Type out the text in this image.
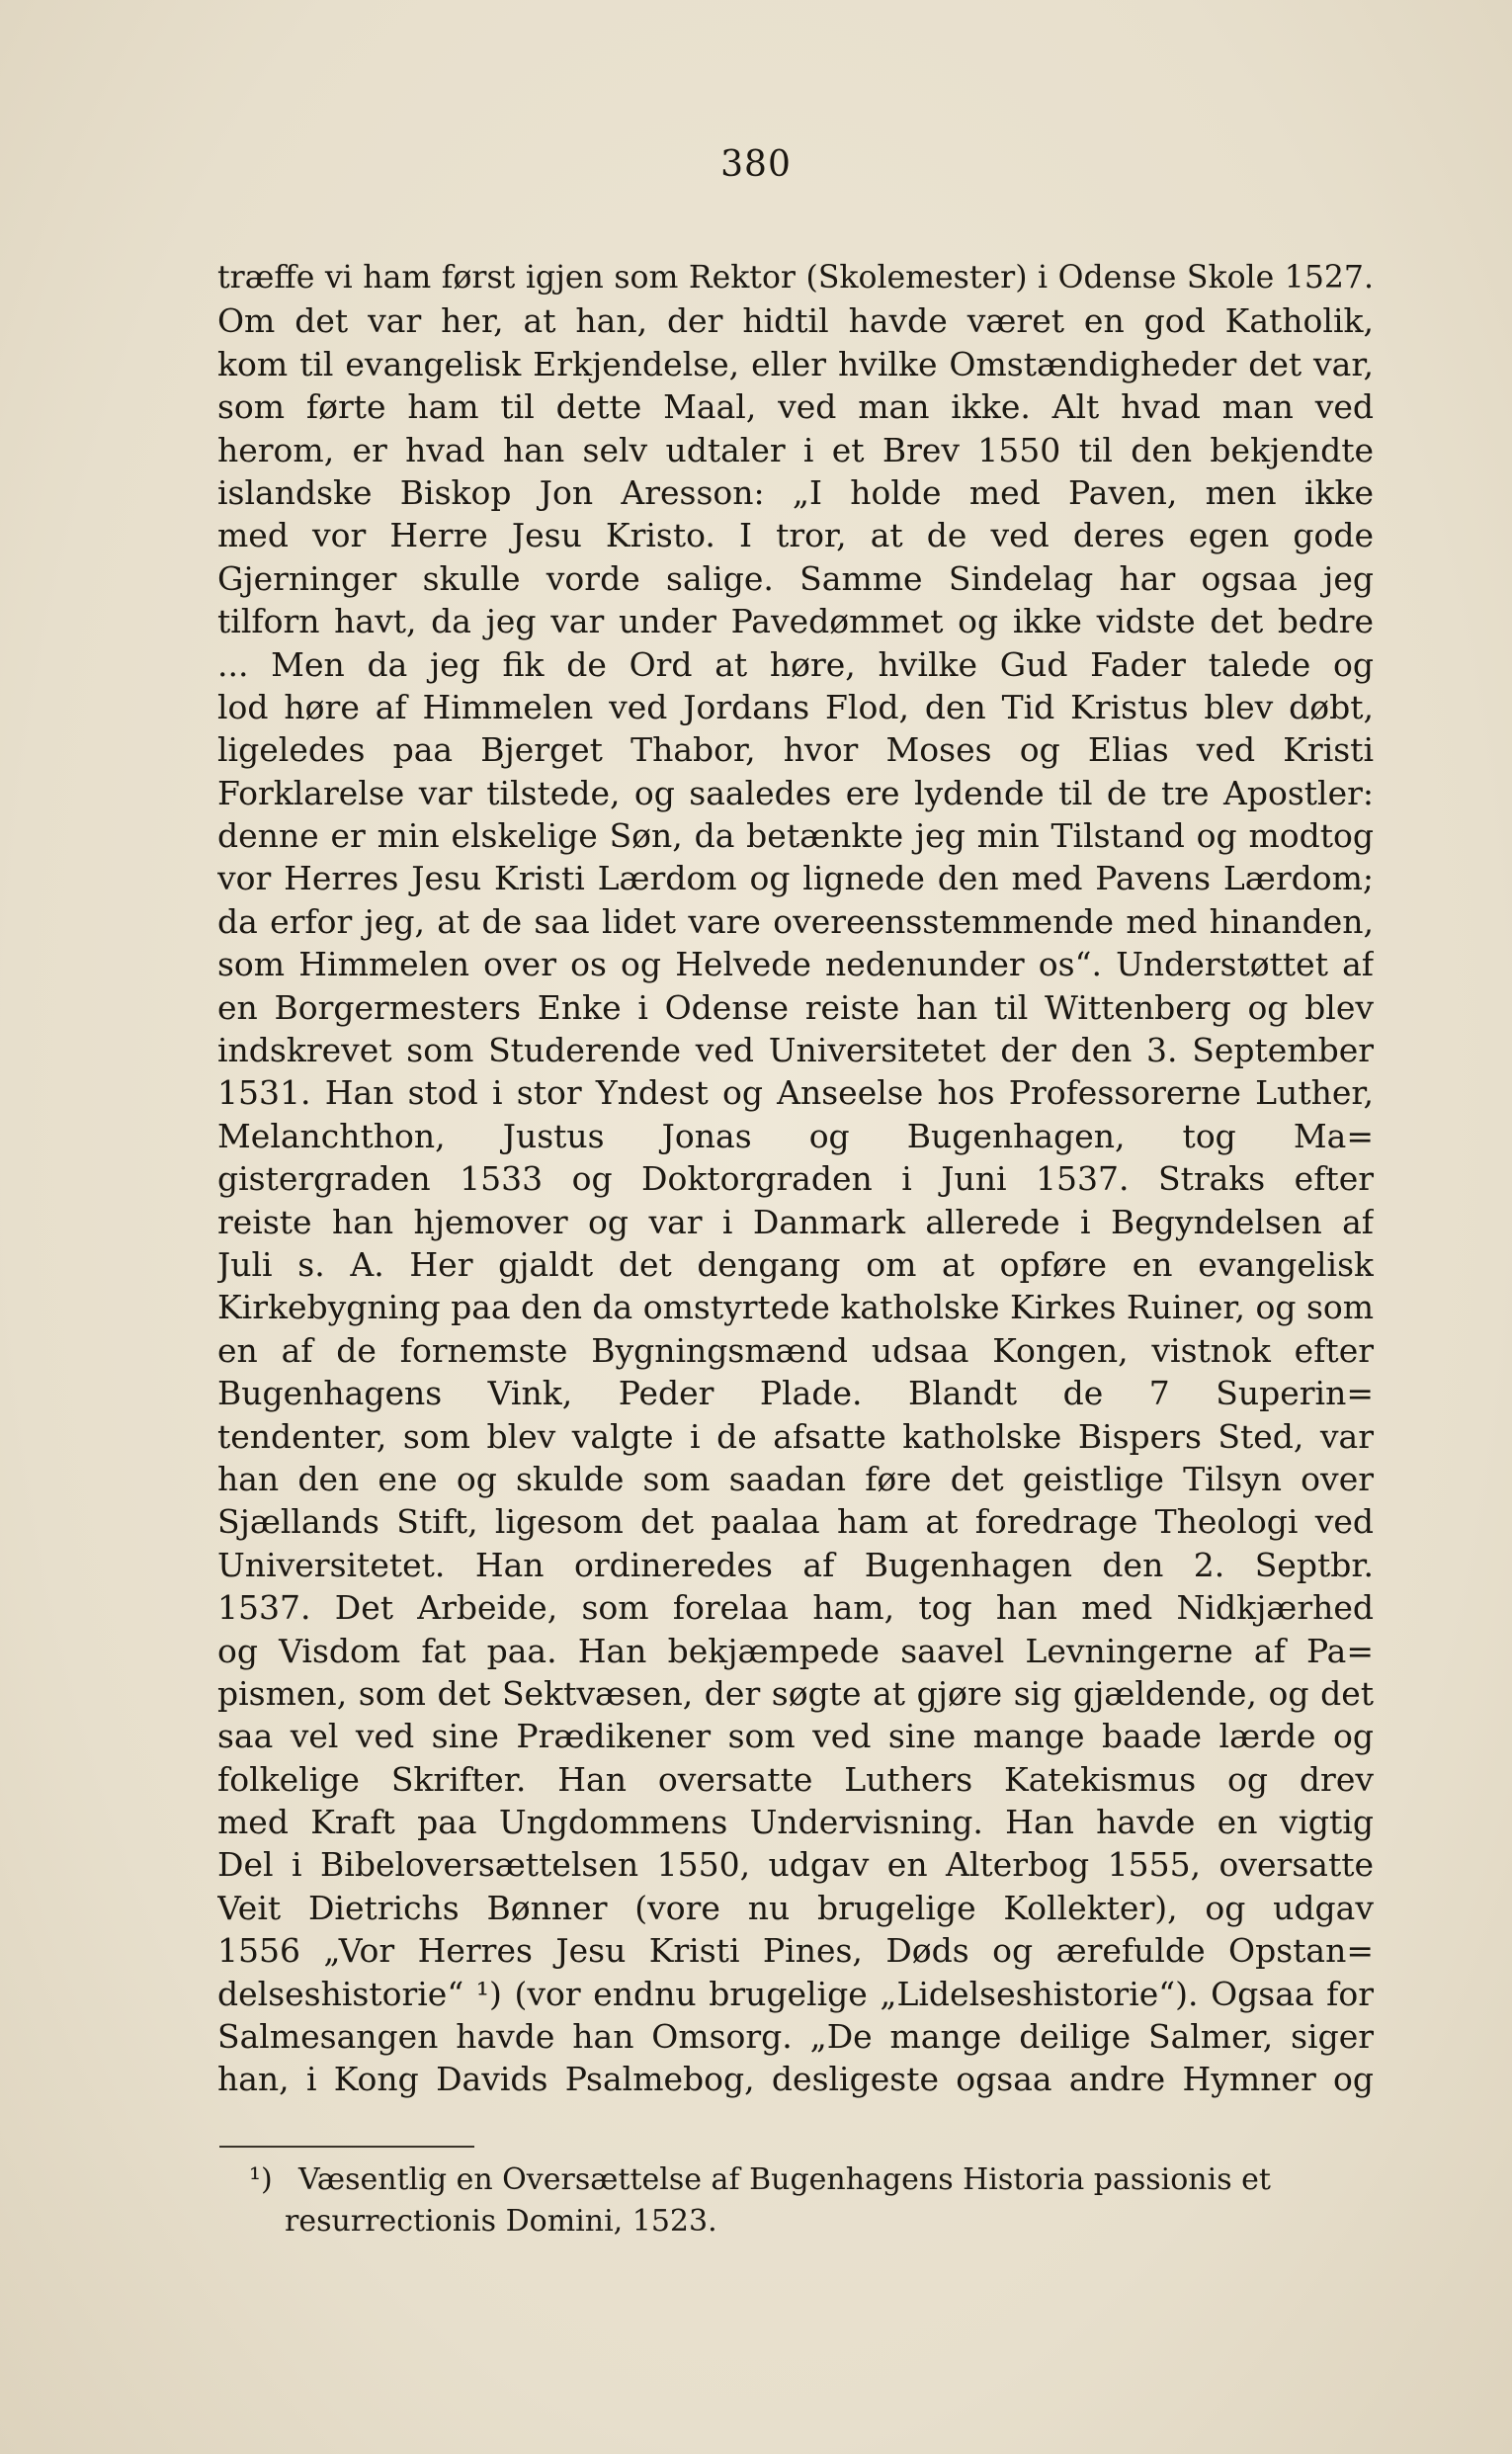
380
træffe vi ham først igjen som Rektor (Skolemester) i Odense Skole 1527.
Om det var her, at han, der hidtil havde været en god Katholik,
kom til evangelisk Erkjendelse, eller hvilke Omstændigheder det var,
som førte ham til dette Maal, ved man ikke. Alt hvad man ved
herom, er hvad han selv udtaler i et Brev 1550 til den bekjendte
islandske Biskop Jon Aresson: „I holde med Paven, men ikke
med vor Herre Jesu Kristo. I tror, at de ved deres egen gode
Gjerninger skulle vorde salige. Samme Sindelag har ogsaa jeg
tilforn havt, da jeg var under Pavedømmet og ikke vidste det bedre
... Men da jeg fik de Ord at høre, hvilke Gud Fader talede og
lod høre af Himmelen ved Jordans Flod, den Tid Kristus blev døbt,
ligeledes paa Bjerget Thabor, hvor Moses og Elias ved Kristi
Forklarelse var tilstede, og saaledes ere lydende til de tre Apostler:
denne er min elskelige Søn, da betænkte jeg min Tilstand og modtog
vor Herres Jesu Kristi Lærdom og lignede den med Pavens Lærdom;
da erfor jeg, at de saa lidet vare overeensstemmende med hinanden,
som Himmelen over os og Helvede nedenunder os“. Understøttet af
en Borgermesters Enke i Odense reiste han til Wittenberg og blev
indskrevet som Studerende ved Universitetet der den 3. September
1531. Han stod i stor Yndest og Anseelse hos Professorerne Luther,
Melanchthon, Justus Jonas og Bugenhagen, tog Ma=
gistergraden 1533 og Doktorgraden i Juni 1537. Straks efter
reiste han hjemover og var i Danmark allerede i Begyndelsen af
Juli s. A. Her gjaldt det dengang om at opføre en evangelisk
Kirkebygning paa den da omstyrtede katholske Kirkes Ruiner, og som
en af de fornemste Bygningsmænd udsaa Kongen, vistnok efter
Bugenhagens Vink, Peder Plade. Blandt de 7 Superin=
tendenter, som blev valgte i de afsatte katholske Bispers Sted, var
han den ene og skulde som saadan føre det geistlige Tilsyn over
Sjællands Stift, ligesom det paalaa ham at foredrage Theologi ved
Universitetet. Han ordineredes af Bugenhagen den 2. Septbr.
1537. Det Arbeide, som forelaa ham, tog han med Nidkjærhed
og Visdom fat paa. Han bekjæmpede saavel Levningerne af Pa=
pismen, som det Sektvæsen, der søgte at gjøre sig gjældende, og det
saa vel ved sine Prædikener som ved sine mange baade lærde og
folkelige Skrifter. Han oversatte Luthers Katekismus og drev
med Kraft paa Ungdommens Undervisning. Han havde en vigtig
Del i Bibeloversættelsen 1550, udgav en Alterbog 1555, oversatte
Veit Dietrichs Bønner (vore nu brugelige Kollekter), og udgav
1556 „Vor Herres Jesu Kristi Pines, Døds og ærefulde Opstan=
delseshistorie“ ¹) (vor endnu brugelige „Lidelseshistorie“). Ogsaa for
Salmesangen havde han Omsorg. „De mange deilige Salmer, siger
han, i Kong Davids Psalmebog, desligeste ogsaa andre Hymner og
¹) Væsentlig en Oversættelse af Bugenhagens Historia passionis et
resurrectionis Domini, 1523.
